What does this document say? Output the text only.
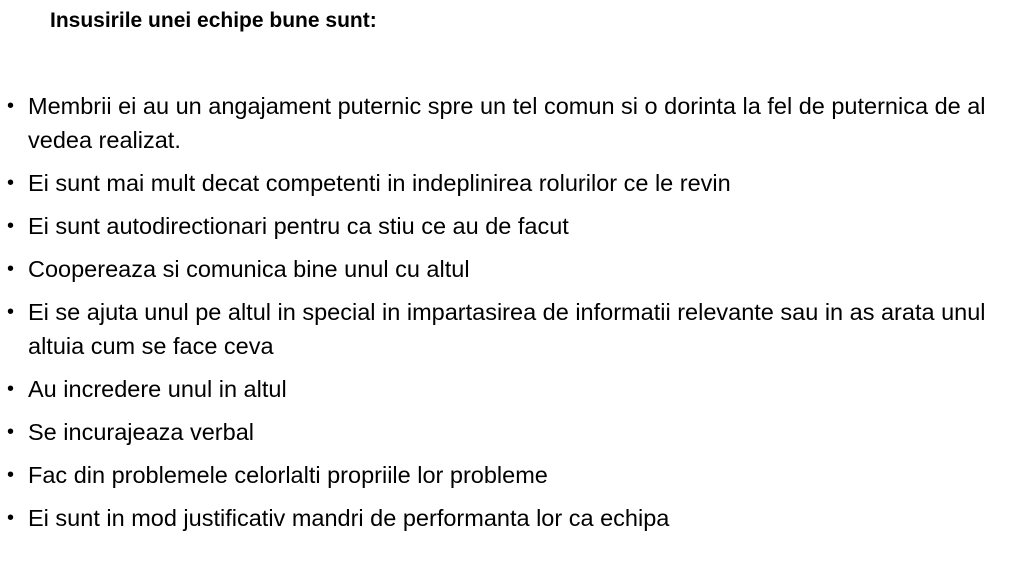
Insusirile unei echipe bune sunt:
• Membrii ei au un angajament puternic spre un tel comun si o dorinta la fel de puternica de al vedea realizat.
• Ei sunt mai mult decat competenti in indeplinirea rolurilor ce le revin
• Ei sunt autodirectionari pentru ca stiu ce au de facut
• Coopereaza si comunica bine unul cu altul
• Ei se ajuta unul pe altul in special in impartasirea de informatii relevante sau in as arata unul altuia cum se face ceva
• Au incredere unul in altul
• Se incurajeaza verbal
• Fac din problemele celorlalti propriile lor probleme
• Ei sunt in mod justificativ mandri de performanta lor ca echipa
